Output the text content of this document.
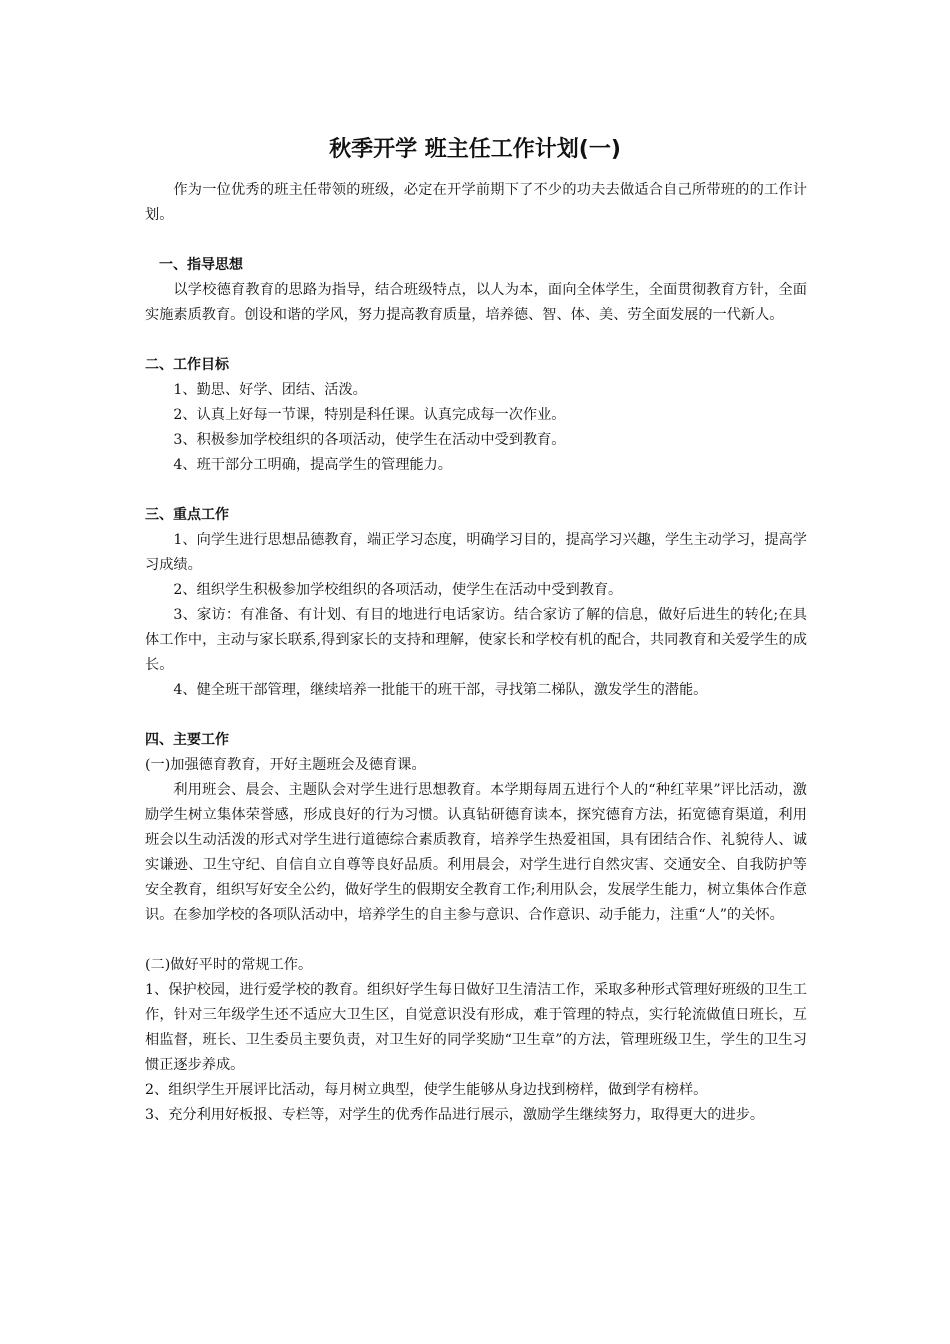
秋季开学 班主任工作计划(一)

作为一位优秀的班主任带领的班级，必定在开学前期下了不少的功夫去做适合自己所带班的的工作计划。

一、指导思想

以学校德育教育的思路为指导，结合班级特点，以人为本，面向全体学生，全面贯彻教育方针，全面实施素质教育。创设和谐的学风，努力提高教育质量，培养德、智、体、美、劳全面发展的一代新人。

二、工作目标

1、勤思、好学、团结、活泼。

2、认真上好每一节课，特别是科任课。认真完成每一次作业。

3、积极参加学校组织的各项活动，使学生在活动中受到教育。

4、班干部分工明确，提高学生的管理能力。

三、重点工作

1、向学生进行思想品德教育，端正学习态度，明确学习目的，提高学习兴趣，学生主动学习，提高学习成绩。

2、组织学生积极参加学校组织的各项活动，使学生在活动中受到教育。

3、家访：有准备、有计划、有目的地进行电话家访。结合家访了解的信息，做好后进生的转化;在具体工作中，主动与家长联系,得到家长的支持和理解，使家长和学校有机的配合，共同教育和关爱学生的成长。

4、健全班干部管理，继续培养一批能干的班干部，寻找第二梯队，激发学生的潜能。

四、主要工作

(一)加强德育教育，开好主题班会及德育课。

利用班会、晨会、主题队会对学生进行思想教育。本学期每周五进行个人的“种红苹果”评比活动，激励学生树立集体荣誉感，形成良好的行为习惯。认真钻研德育读本，探究德育方法，拓宽德育渠道，利用班会以生动活泼的形式对学生进行道德综合素质教育，培养学生热爱祖国，具有团结合作、礼貌待人、诚实谦逊、卫生守纪、自信自立自尊等良好品质。利用晨会，对学生进行自然灾害、交通安全、自我防护等安全教育，组织写好安全公约，做好学生的假期安全教育工作;利用队会，发展学生能力，树立集体合作意识。在参加学校的各项队活动中，培养学生的自主参与意识、合作意识、动手能力，注重“人”的关怀。

(二)做好平时的常规工作。

1、保护校园，进行爱学校的教育。组织好学生每日做好卫生清洁工作，采取多种形式管理好班级的卫生工作，针对三年级学生还不适应大卫生区，自觉意识没有形成，难于管理的特点，实行轮流做值日班长，互相监督，班长、卫生委员主要负责，对卫生好的同学奖励“卫生章”的方法，管理班级卫生，学生的卫生习惯正逐步养成。

2、组织学生开展评比活动，每月树立典型，使学生能够从身边找到榜样，做到学有榜样。

3、充分利用好板报、专栏等，对学生的优秀作品进行展示，激励学生继续努力，取得更大的进步。
